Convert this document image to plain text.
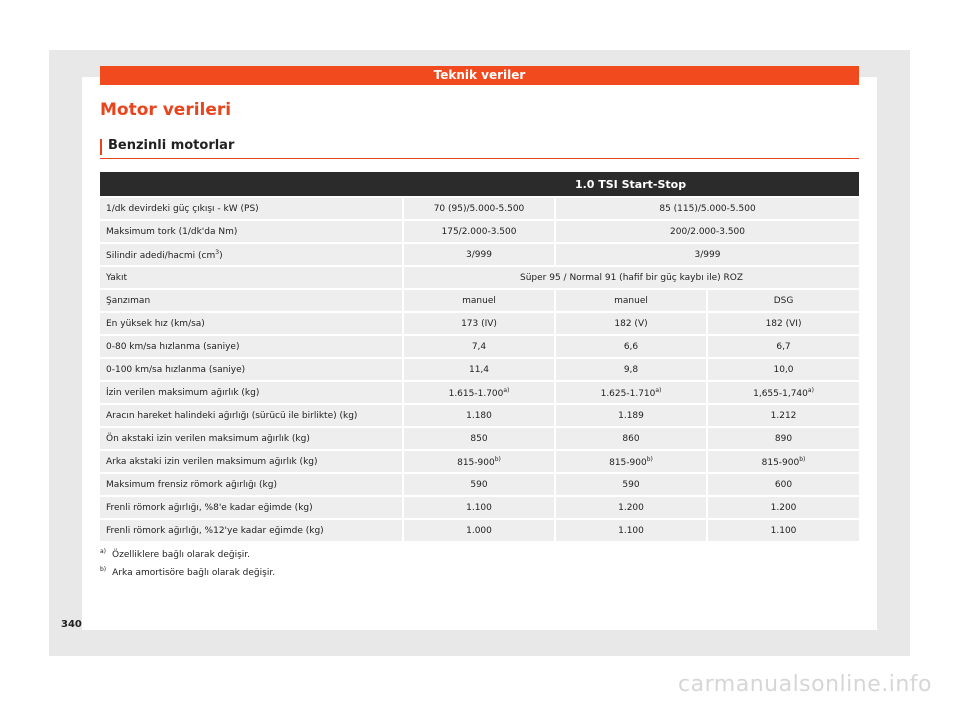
Teknik veriler
Motor verileri
Benzinli motorlar
	1.0 TSI Start-Stop		
1/dk devirdeki güç çıkışı - kW (PS)	70 (95)/5.000-5.500	85 (115)/5.000-5.500	
Maksimum tork (1/dk'da Nm)	175/2.000-3.500	200/2.000-3.500	
Silindir adedi/hacmi $(cm^3)$	3/999	3/999	
Yakıt	Süper 95 / Normal 91 (hafif bir güç kaybı ile) ROZ		
Şanzıman	manuel	manuel	DSG
En yüksek hız (km/sa)	173 (IV)	182 (V)	182 (VI)
0-80 km/sa hızlanma (saniye)	7,4	6,6	6,7
0-100 km/sa hızlanma (saniye)	11,4	9,8	10,0
İzin verilen maksimum ağırlık (kg)	1.615-1.700$^{a)}$	1.625-1.710$^{a)}$	1,655-1,740$^{a)}$
Aracın hareket halindeki ağırlığı (sürücü ile birlikte) (kg)	1.180	1.189	1.212
Ön akstaki izin verilen maksimum ağırlık (kg)	850	860	890
Arka akstaki izin verilen maksimum ağırlık (kg)	815-900$^{b)}$	815-900$^{b)}$	815-900$^{b)}$
Maksimum frensiz römork ağırlığı (kg)	590	590	600
Frenli römork ağırlığı, %8'e kadar eğimde (kg)	1.100	1.200	1.200
Frenli römork ağırlığı, %12'ye kadar eğimde (kg)	1.000	1.100	1.100
$^{a)}$ Özelliklere bağlı olarak değişir.
$^{b)}$ Arka amortisöre bağlı olarak değişir.
340
carmanualsonline.info
